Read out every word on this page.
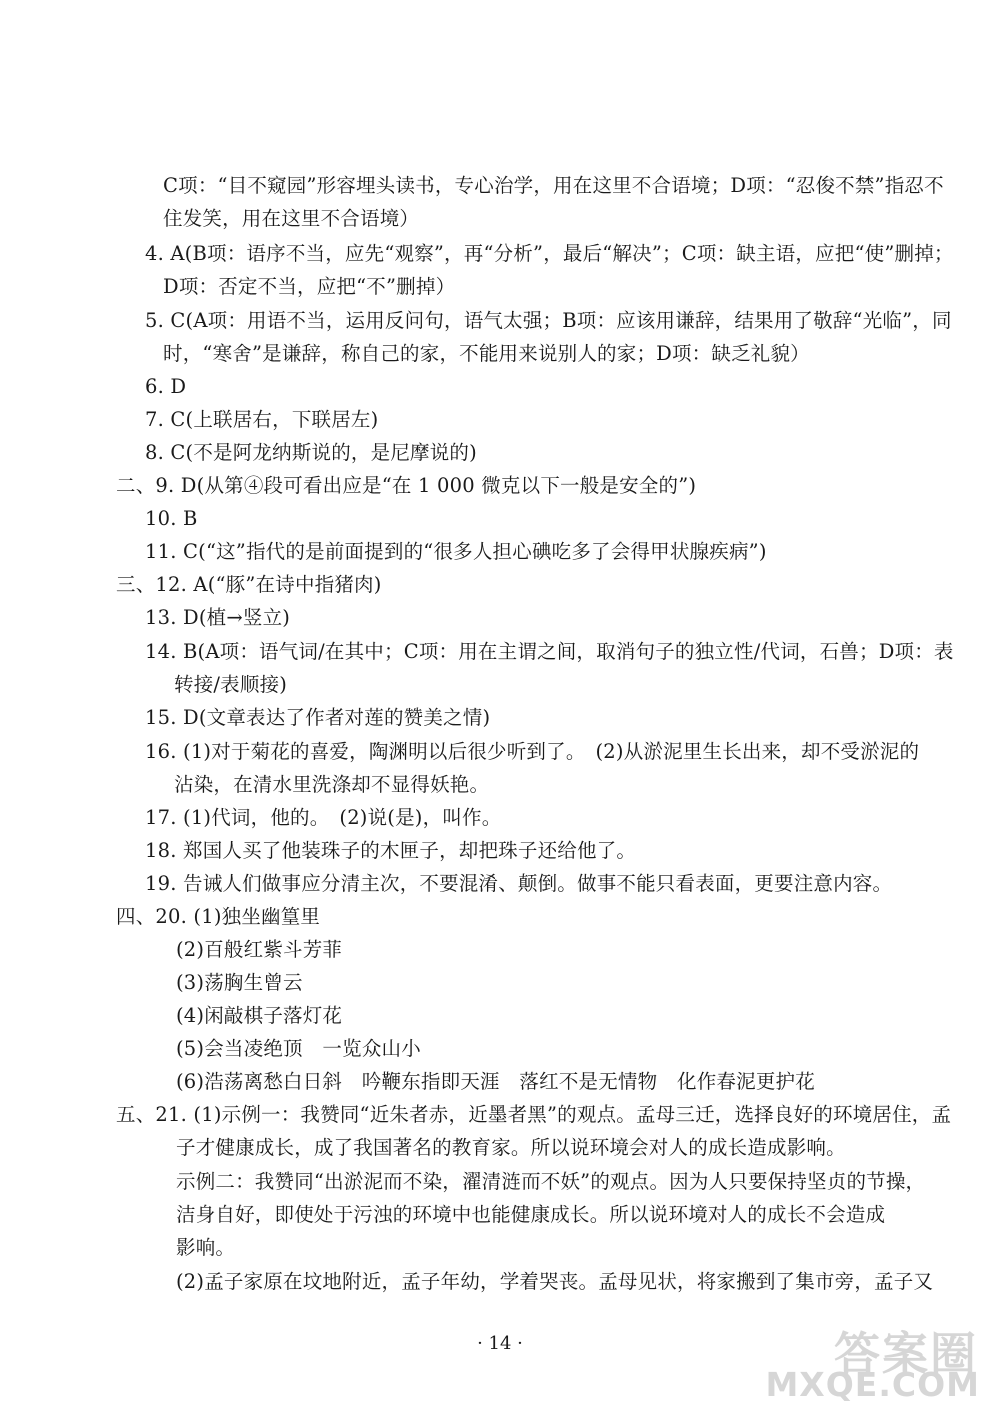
C项：“目不窥园”形容埋头读书，专心治学，用在这里不合语境；D项：“忍俊不禁”指忍不
住发笑，用在这里不合语境）
4. A(B项：语序不当，应先“观察”，再“分析”，最后“解决”；C项：缺主语，应把“使”删掉；
D项：否定不当，应把“不”删掉）
5. C(A项：用语不当，运用反问句，语气太强；B项：应该用谦辞，结果用了敬辞“光临”，同
时，“寒舍”是谦辞，称自己的家，不能用来说别人的家；D项：缺乏礼貌）
6. D
7. C(上联居右，下联居左)
8. C(不是阿龙纳斯说的，是尼摩说的)
二、9. D(从第④段可看出应是“在 1 000 微克以下一般是安全的”)
10. B
11. C(“这”指代的是前面提到的“很多人担心碘吃多了会得甲状腺疾病”)
三、12. A(“豚”在诗中指猪肉)
13. D(植→竖立)
14. B(A项：语气词/在其中；C项：用在主谓之间，取消句子的独立性/代词，石兽；D项：表
转接/表顺接)
15. D(文章表达了作者对莲的赞美之情)
16. (1)对于菊花的喜爱，陶渊明以后很少听到了。　(2)从淤泥里生长出来，却不受淤泥的
沾染，在清水里洗涤却不显得妖艳。
17. (1)代词，他的。　(2)说(是)，叫作。
18. 郑国人买了他装珠子的木匣子，却把珠子还给他了。
19. 告诫人们做事应分清主次，不要混淆、颠倒。做事不能只看表面，更要注意内容。
四、20. (1)独坐幽篁里
(2)百般红紫斗芳菲
(3)荡胸生曾云
(4)闲敲棋子落灯花
(5)会当凌绝顶　一览众山小
(6)浩荡离愁白日斜　吟鞭东指即天涯　落红不是无情物　化作春泥更护花
五、21. (1)示例一：我赞同“近朱者赤，近墨者黑”的观点。孟母三迁，选择良好的环境居住，孟
子才健康成长，成了我国著名的教育家。所以说环境会对人的成长造成影响。
示例二：我赞同“出淤泥而不染，濯清涟而不妖”的观点。因为人只要保持坚贞的节操，
洁身自好，即使处于污浊的环境中也能健康成长。所以说环境对人的成长不会造成
影响。
(2)孟子家原在坟地附近，孟子年幼，学着哭丧。孟母见状，将家搬到了集市旁，孟子又
· 14 ·	答案圈
MXQE.COM
